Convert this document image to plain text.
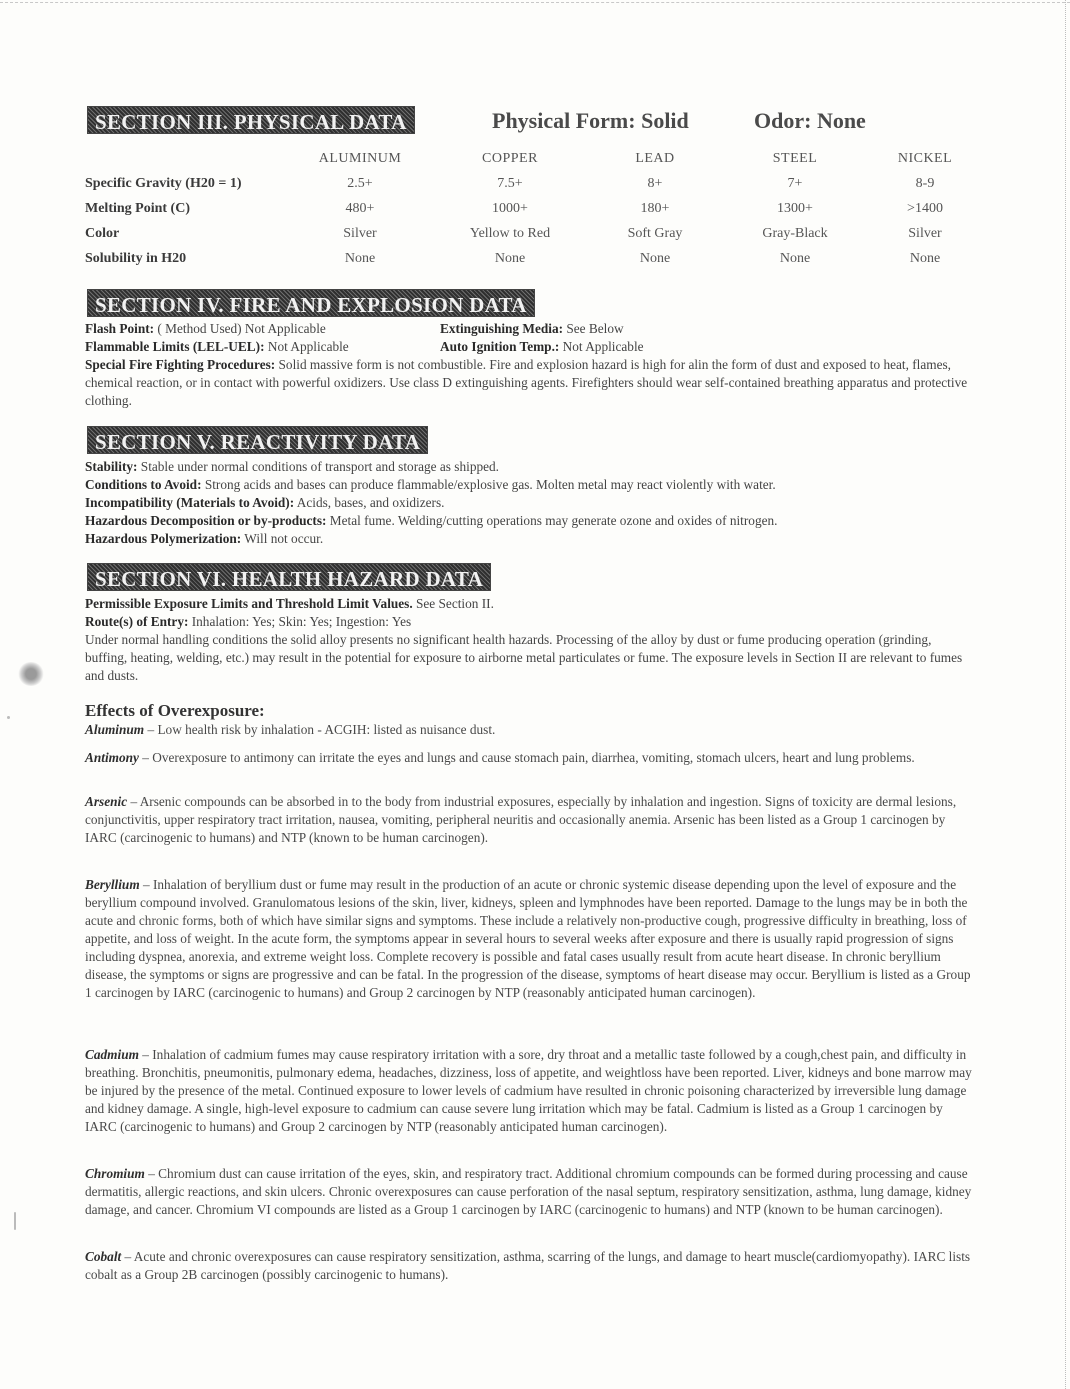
SECTION III. PHYSICAL DATA	Physical Form: Solid	Odor: None
	ALUMINUM	COPPER	LEAD	STEEL	NICKEL
Specific Gravity (H20 = 1)	2.5+	7.5+	8+	7+	8-9
Melting Point (C)	480+	1000+	180+	1300+	>1400
Color	Silver	Yellow to Red	Soft Gray	Gray-Black	Silver
Solubility in H20	None	None	None	None	None
SECTION IV. FIRE AND EXPLOSION DATA
Flash Point: ( Method Used) Not Applicable	Extinguishing Media: See Below
Flammable Limits (LEL-UEL): Not Applicable	Auto Ignition Temp.: Not Applicable

Special Fire Fighting Procedures: Solid massive form is not combustible. Fire and explosion hazard is high for alin the form of dust and exposed to heat, flames, chemical reaction, or in contact with powerful oxidizers. Use class D extinguishing agents. Firefighters should wear self-contained breathing apparatus and protective clothing.

SECTION V. REACTIVITY DATA

Stability: Stable under normal conditions of transport and storage as shipped.

Conditions to Avoid: Strong acids and bases can produce flammable/explosive gas. Molten metal may react violently with water.

Incompatibility (Materials to Avoid): Acids, bases, and oxidizers.

Hazardous Decomposition or by-products: Metal fume. Welding/cutting operations may generate ozone and oxides of nitrogen.

Hazardous Polymerization: Will not occur.

SECTION VI. HEALTH HAZARD DATA

Permissible Exposure Limits and Threshold Limit Values. See Section II.

Route(s) of Entry: Inhalation: Yes; Skin: Yes; Ingestion: Yes

Under normal handling conditions the solid alloy presents no significant health hazards. Processing of the alloy by dust or fume producing operation (grinding, buffing, heating, welding, etc.) may result in the potential for exposure to airborne metal particulates or fume. The exposure levels in Section II are relevant to fumes and dusts.

Effects of Overexposure:
Aluminum – Low health risk by inhalation - ACGIH: listed as nuisance dust.
Antimony – Overexposure to antimony can irritate the eyes and lungs and cause stomach pain, diarrhea, vomiting, stomach ulcers, heart and lung problems.
Arsenic – Arsenic compounds can be absorbed in to the body from industrial exposures, especially by inhalation and ingestion. Signs of toxicity are dermal lesions, conjunctivitis, upper respiratory tract irritation, nausea, vomiting, peripheral neuritis and occasionally anemia. Arsenic has been listed as a Group 1 carcinogen by IARC (carcinogenic to humans) and NTP (known to be human carcinogen).
Beryllium – Inhalation of beryllium dust or fume may result in the production of an acute or chronic systemic disease depending upon the level of exposure and the beryllium compound involved. Granulomatous lesions of the skin, liver, kidneys, spleen and lymphnodes have been reported. Damage to the lungs may be in both the acute and chronic forms, both of which have similar signs and symptoms. These include a relatively non-productive cough, progressive difficulty in breathing, loss of appetite, and loss of weight. In the acute form, the symptoms appear in several hours to several weeks after exposure and there is usually rapid progression of signs including dyspnea, anorexia, and extreme weight loss. Complete recovery is possible and fatal cases usually result from acute heart disease. In chronic beryllium disease, the symptoms or signs are progressive and can be fatal. In the progression of the disease, symptoms of heart disease may occur. Beryllium is listed as a Group 1 carcinogen by IARC (carcinogenic to humans) and Group 2 carcinogen by NTP (reasonably anticipated human carcinogen).
Cadmium – Inhalation of cadmium fumes may cause respiratory irritation with a sore, dry throat and a metallic taste followed by a cough,chest pain, and difficulty in breathing. Bronchitis, pneumonitis, pulmonary edema, headaches, dizziness, loss of appetite, and weightloss have been reported. Liver, kidneys and bone marrow may be injured by the presence of the metal. Continued exposure to lower levels of cadmium have resulted in chronic poisoning characterized by irreversible lung damage and kidney damage. A single, high-level exposure to cadmium can cause severe lung irritation which may be fatal. Cadmium is listed as a Group 1 carcinogen by IARC (carcinogenic to humans) and Group 2 carcinogen by NTP (reasonably anticipated human carcinogen).
Chromium – Chromium dust can cause irritation of the eyes, skin, and respiratory tract. Additional chromium compounds can be formed during processing and cause dermatitis, allergic reactions, and skin ulcers. Chronic overexposures can cause perforation of the nasal septum, respiratory sensitization, asthma, lung damage, kidney damage, and cancer. Chromium VI compounds are listed as a Group 1 carcinogen by IARC (carcinogenic to humans) and NTP (known to be human carcinogen).
Cobalt – Acute and chronic overexposures can cause respiratory sensitization, asthma, scarring of the lungs, and damage to heart muscle(cardiomyopathy). IARC lists cobalt as a Group 2B carcinogen (possibly carcinogenic to humans).
